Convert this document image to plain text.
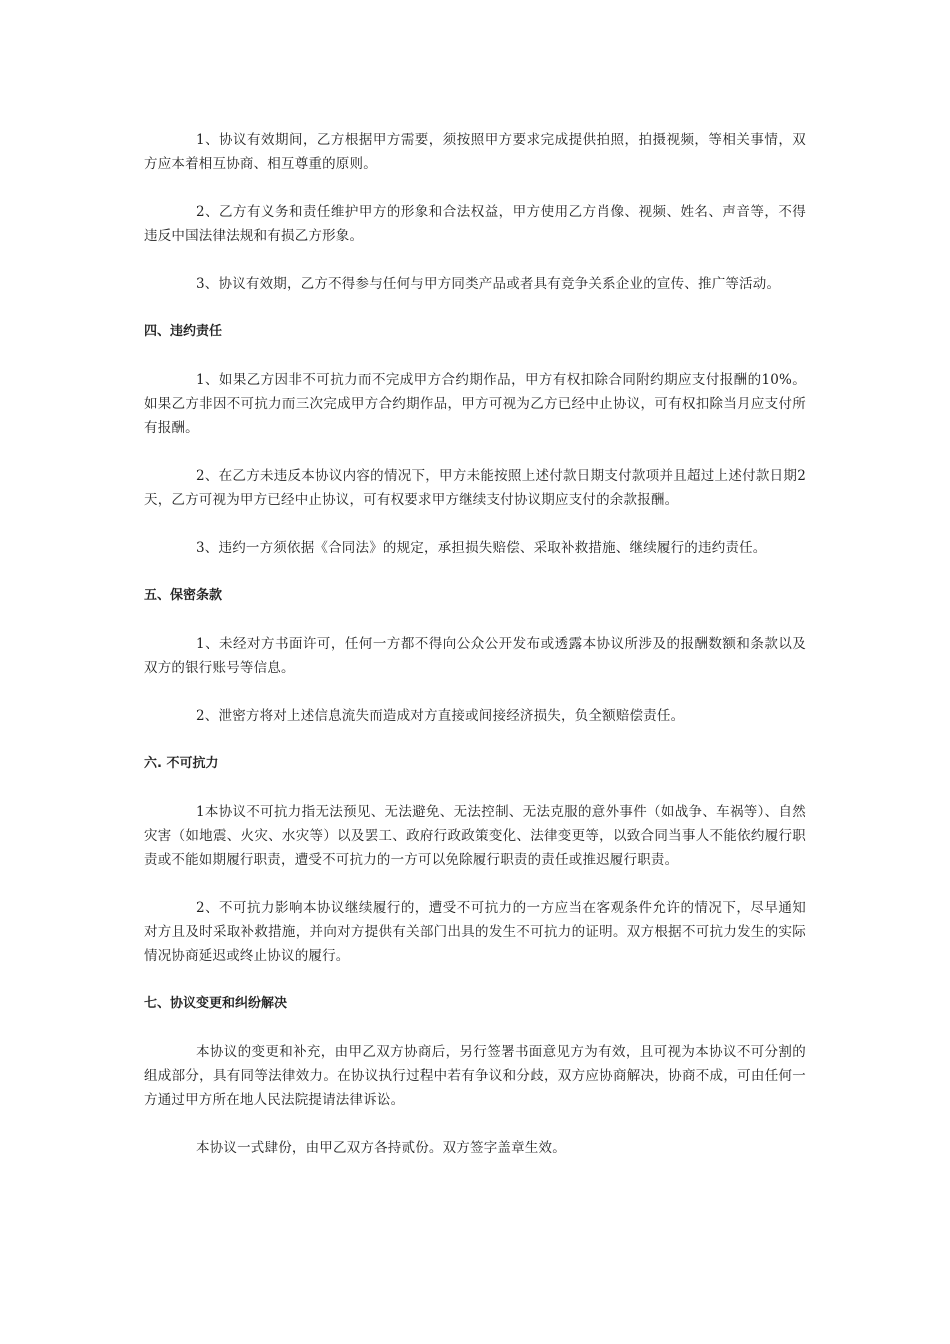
1、协议有效期间，乙方根据甲方需要，须按照甲方要求完成提供拍照，拍摄视频，等相关事情，双方应本着相互协商、相互尊重的原则。

2、乙方有义务和责任维护甲方的形象和合法权益，甲方使用乙方肖像、视频、姓名、声音等，不得违反中国法律法规和有损乙方形象。

3、协议有效期，乙方不得参与任何与甲方同类产品或者具有竞争关系企业的宣传、推广等活动。

四、违约责任

1、如果乙方因非不可抗力而不完成甲方合约期作品，甲方有权扣除合同附约期应支付报酬的10%。如果乙方非因不可抗力而三次完成甲方合约期作品，甲方可视为乙方已经中止协议，可有权扣除当月应支付所有报酬。

2、在乙方未违反本协议内容的情况下，甲方未能按照上述付款日期支付款项并且超过上述付款日期2天，乙方可视为甲方已经中止协议，可有权要求甲方继续支付协议期应支付的余款报酬。

3、违约一方须依据《合同法》的规定，承担损失赔偿、采取补救措施、继续履行的违约责任。

五、保密条款

1、未经对方书面许可，任何一方都不得向公众公开发布或透露本协议所涉及的报酬数额和条款以及双方的银行账号等信息。

2、泄密方将对上述信息流失而造成对方直接或间接经济损失，负全额赔偿责任。

六. 不可抗力

1本协议不可抗力指无法预见、无法避免、无法控制、无法克服的意外事件（如战争、车祸等）、自然灾害（如地震、火灾、水灾等）以及罢工、政府行政政策变化、法律变更等，以致合同当事人不能依约履行职责或不能如期履行职责，遭受不可抗力的一方可以免除履行职责的责任或推迟履行职责。

2、不可抗力影响本协议继续履行的，遭受不可抗力的一方应当在客观条件允许的情况下，尽早通知对方且及时采取补救措施，并向对方提供有关部门出具的发生不可抗力的证明。双方根据不可抗力发生的实际情况协商延迟或终止协议的履行。

七、协议变更和纠纷解决

本协议的变更和补充，由甲乙双方协商后，另行签署书面意见方为有效，且可视为本协议不可分割的组成部分，具有同等法律效力。在协议执行过程中若有争议和分歧，双方应协商解决，协商不成，可由任何一方通过甲方所在地人民法院提请法律诉讼。

本协议一式肆份，由甲乙双方各持贰份。双方签字盖章生效。
